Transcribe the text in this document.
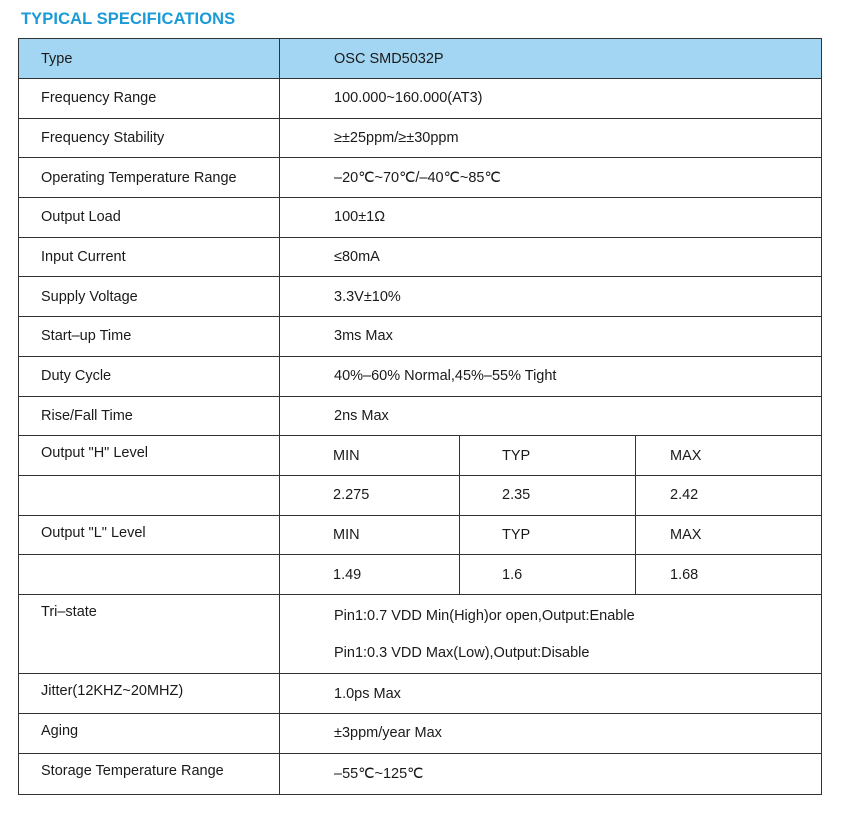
TYPICAL SPECIFICATIONS
Type	OSC SMD5032P
Frequency Range	100.000~160.000(AT3)
Frequency Stability	≥±25ppm/≥±30ppm
Operating Temperature Range	–20℃~70℃/–40℃~85℃
Output Load	100±1Ω
Input Current	≤80mA
Supply Voltage	3.3V±10%
Start–up Time	3ms Max
Duty Cycle	40%–60% Normal,45%–55% Tight
Rise/Fall Time	2ns Max
Output "H" Level	MIN	TYP	MAX
2.275	2.35	2.42
Output "L" Level	MIN	TYP	MAX
1.49	1.6	1.68
Tri–state	Pin1:0.7 VDD Min(High)or open,Output:Enable
Pin1:0.3 VDD Max(Low),Output:Disable
Jitter(12KHZ~20MHZ)	1.0ps Max
Aging	±3ppm/year Max
Storage Temperature Range	–55℃~125℃
